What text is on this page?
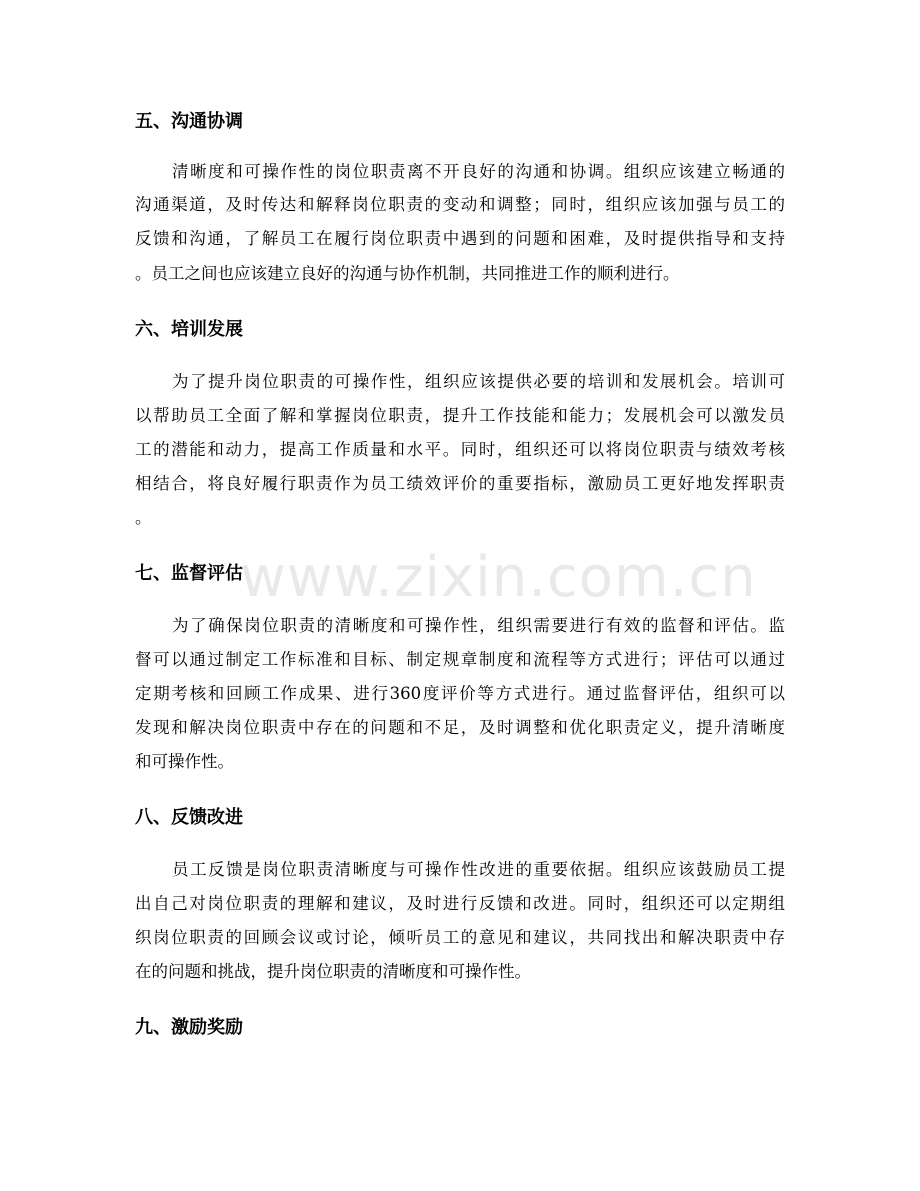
五、沟通协调
清晰度和可操作性的岗位职责离不开良好的沟通和协调。组织应该建立畅通的
沟通渠道，及时传达和解释岗位职责的变动和调整；同时，组织应该加强与员工的
反馈和沟通，了解员工在履行岗位职责中遇到的问题和困难，及时提供指导和支持
。员工之间也应该建立良好的沟通与协作机制，共同推进工作的顺利进行。
六、培训发展
为了提升岗位职责的可操作性，组织应该提供必要的培训和发展机会。培训可
以帮助员工全面了解和掌握岗位职责，提升工作技能和能力；发展机会可以激发员
工的潜能和动力，提高工作质量和水平。同时，组织还可以将岗位职责与绩效考核
相结合，将良好履行职责作为员工绩效评价的重要指标，激励员工更好地发挥职责
。
七、监督评估
为了确保岗位职责的清晰度和可操作性，组织需要进行有效的监督和评估。监
督可以通过制定工作标准和目标、制定规章制度和流程等方式进行；评估可以通过
定期考核和回顾工作成果、进行360度评价等方式进行。通过监督评估，组织可以
发现和解决岗位职责中存在的问题和不足，及时调整和优化职责定义，提升清晰度
和可操作性。
八、反馈改进
员工反馈是岗位职责清晰度与可操作性改进的重要依据。组织应该鼓励员工提
出自己对岗位职责的理解和建议，及时进行反馈和改进。同时，组织还可以定期组
织岗位职责的回顾会议或讨论，倾听员工的意见和建议，共同找出和解决职责中存
在的问题和挑战，提升岗位职责的清晰度和可操作性。
九、激励奖励
www.zixin.com.cn
